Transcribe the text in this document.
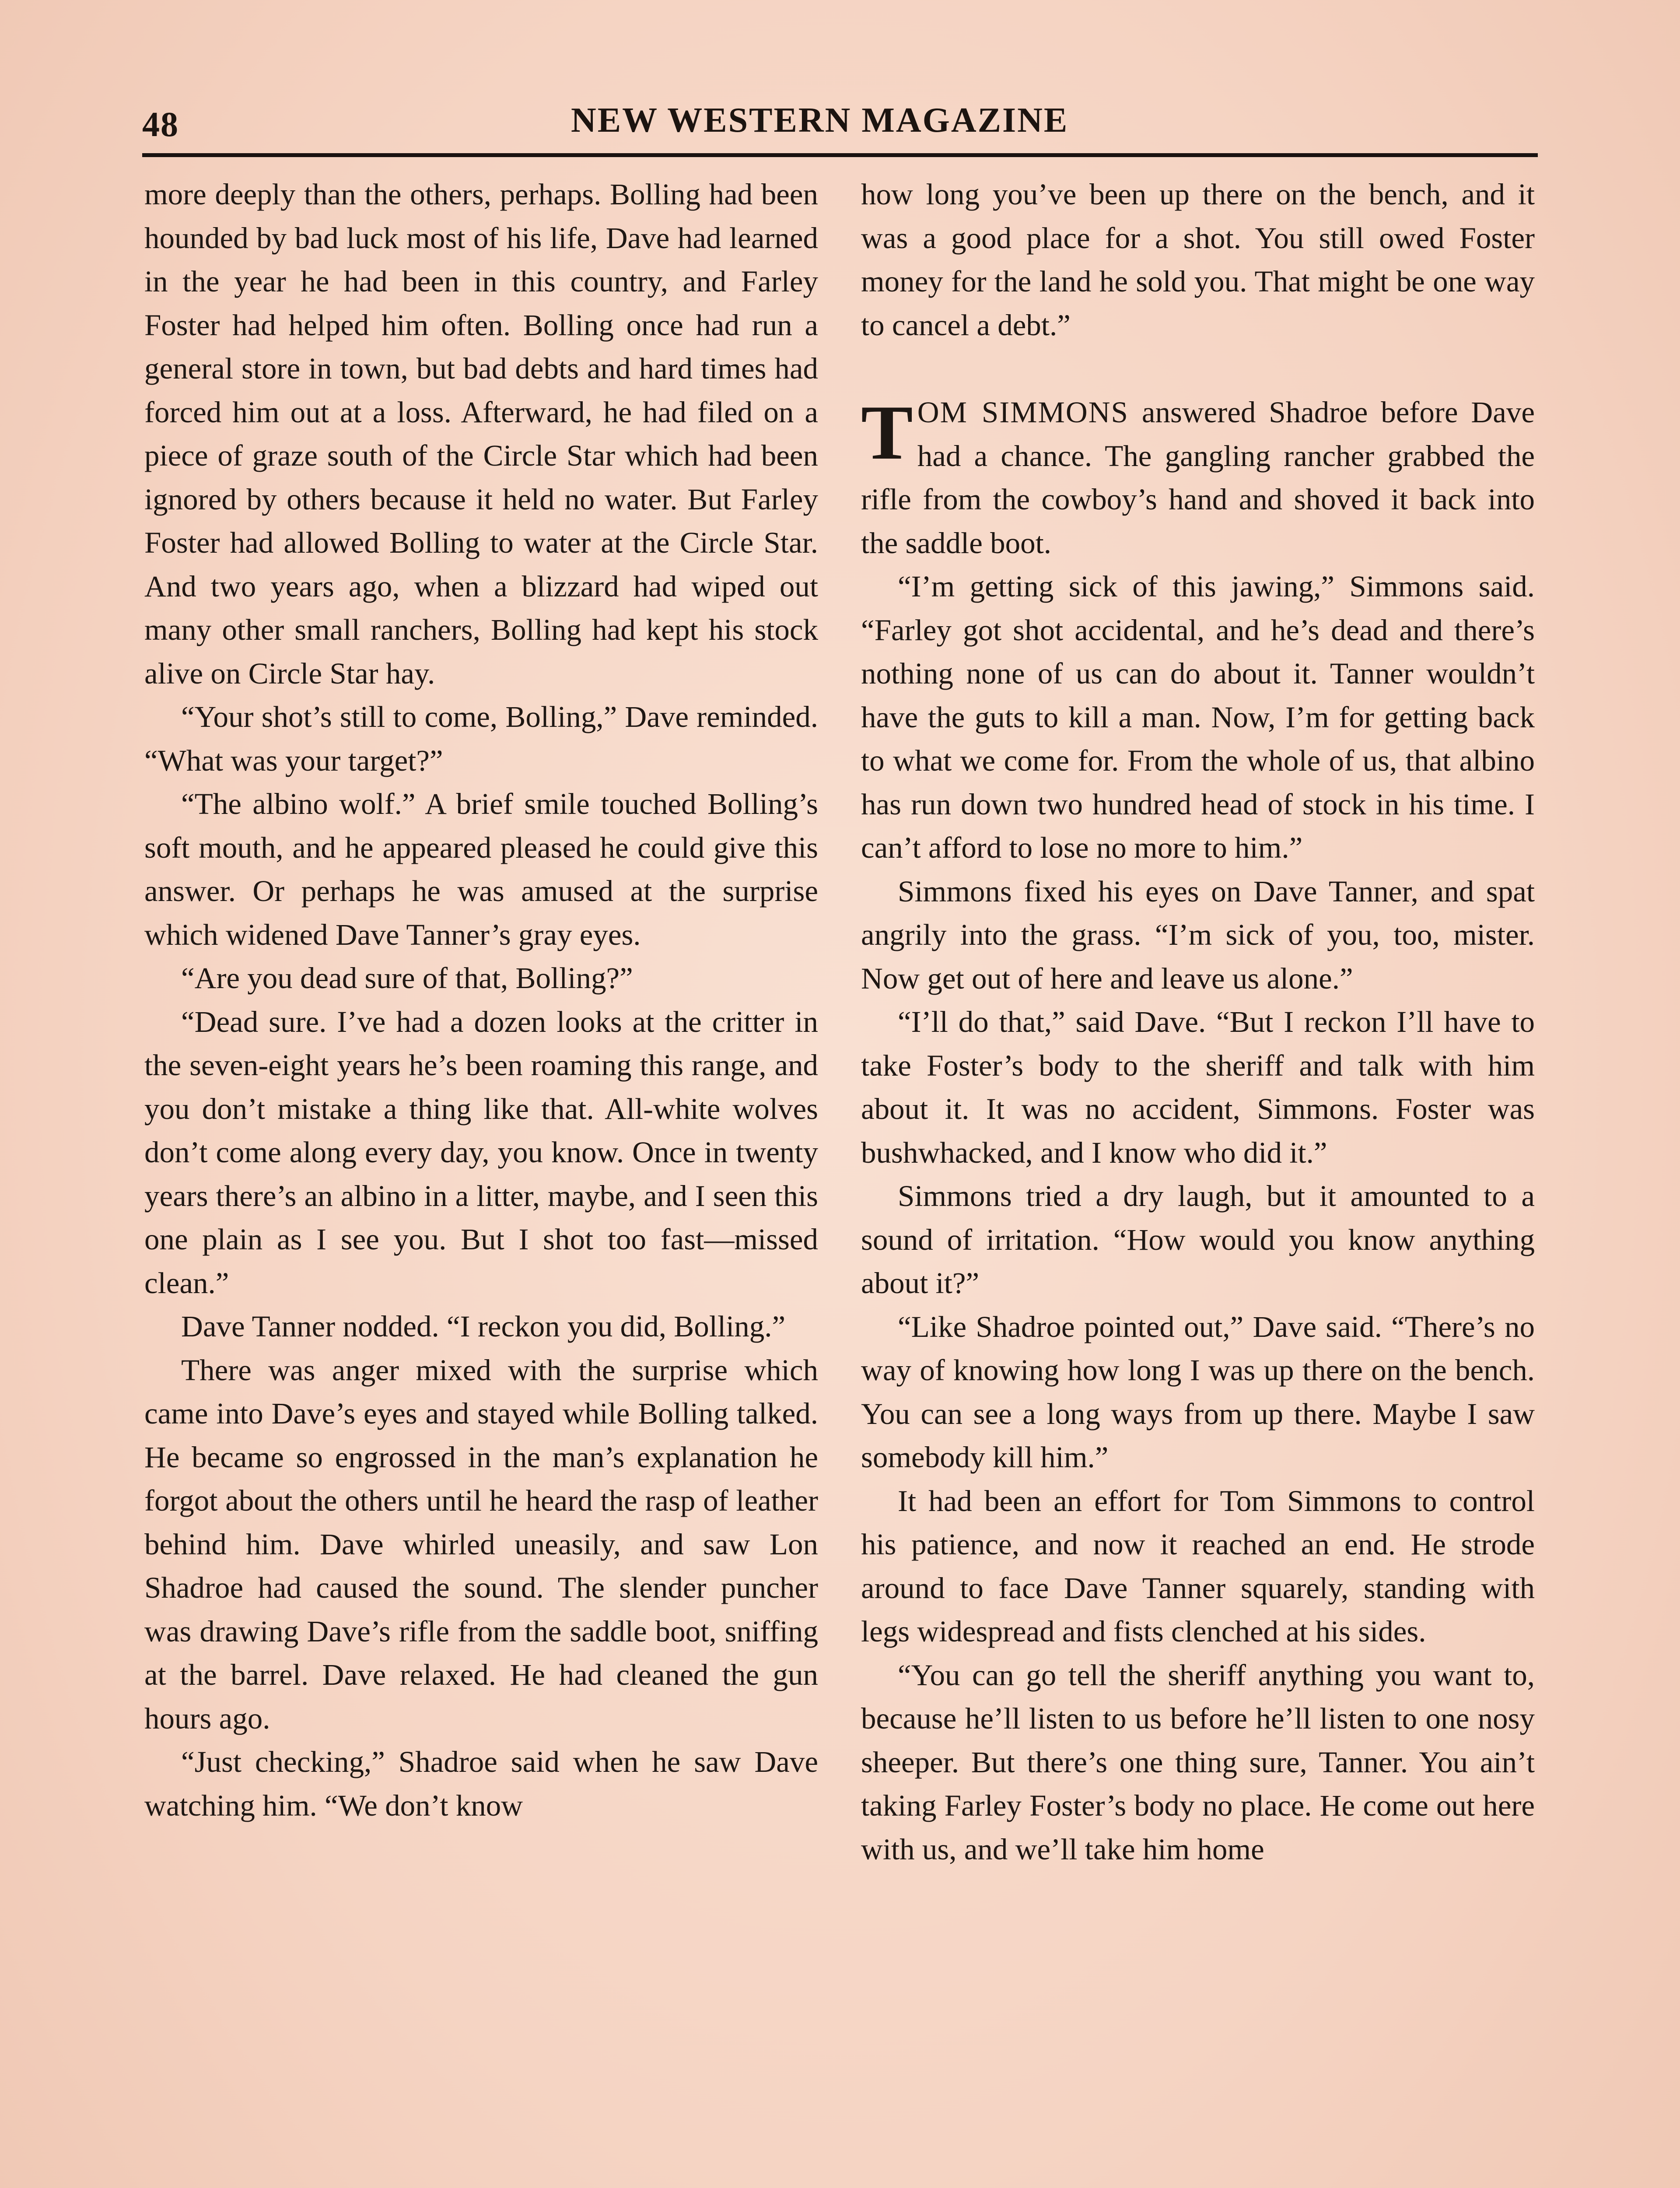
48	NEW WESTERN MAGAZINE

more deeply than the others, perhaps. Bolling had been hounded by bad luck most of his life, Dave had learned in the year he had been in this country, and Farley Foster had helped him often. Bolling once had run a general store in town, but bad debts and hard times had forced him out at a loss. Afterward, he had filed on a piece of graze south of the Circle Star which had been ignored by others because it held no water. But Farley Foster had allowed Bolling to water at the Circle Star. And two years ago, when a blizzard had wiped out many other small ranchers, Bolling had kept his stock alive on Circle Star hay.

“Your shot’s still to come, Bolling,” Dave reminded. “What was your target?”

“The albino wolf.” A brief smile touched Bolling’s soft mouth, and he appeared pleased he could give this answer. Or perhaps he was amused at the surprise which widened Dave Tanner’s gray eyes.

“Are you dead sure of that, Bolling?”

“Dead sure. I’ve had a dozen looks at the critter in the seven-eight years he’s been roaming this range, and you don’t mistake a thing like that. All-white wolves don’t come along every day, you know. Once in twenty years there’s an albino in a litter, maybe, and I seen this one plain as I see you. But I shot too fast—missed clean.”

Dave Tanner nodded. “I reckon you did, Bolling.”

There was anger mixed with the surprise which came into Dave’s eyes and stayed while Bolling talked. He became so engrossed in the man’s explanation he forgot about the others until he heard the rasp of leather behind him. Dave whirled uneasily, and saw Lon Shadroe had caused the sound. The slender puncher was drawing Dave’s rifle from the saddle boot, sniffing at the barrel. Dave relaxed. He had cleaned the gun hours ago.

“Just checking,” Shadroe said when he saw Dave watching him. “We don’t know

how long you’ve been up there on the bench, and it was a good place for a shot. You still owed Foster money for the land he sold you. That might be one way to cancel a debt.”

TOM SIMMONS answered Shadroe before Dave had a chance. The gangling rancher grabbed the rifle from the cowboy’s hand and shoved it back into the saddle boot.

“I’m getting sick of this jawing,” Simmons said. “Farley got shot accidental, and he’s dead and there’s nothing none of us can do about it. Tanner wouldn’t have the guts to kill a man. Now, I’m for getting back to what we come for. From the whole of us, that albino has run down two hundred head of stock in his time. I can’t afford to lose no more to him.”

Simmons fixed his eyes on Dave Tanner, and spat angrily into the grass. “I’m sick of you, too, mister. Now get out of here and leave us alone.”

“I’ll do that,” said Dave. “But I reckon I’ll have to take Foster’s body to the sheriff and talk with him about it. It was no accident, Simmons. Foster was bushwhacked, and I know who did it.”

Simmons tried a dry laugh, but it amounted to a sound of irritation. “How would you know anything about it?”

“Like Shadroe pointed out,” Dave said. “There’s no way of knowing how long I was up there on the bench. You can see a long ways from up there. Maybe I saw somebody kill him.”

It had been an effort for Tom Simmons to control his patience, and now it reached an end. He strode around to face Dave Tanner squarely, standing with legs widespread and fists clenched at his sides.

“You can go tell the sheriff anything you want to, because he’ll listen to us before he’ll listen to one nosy sheeper. But there’s one thing sure, Tanner. You ain’t taking Farley Foster’s body no place. He come out here with us, and we’ll take him home
